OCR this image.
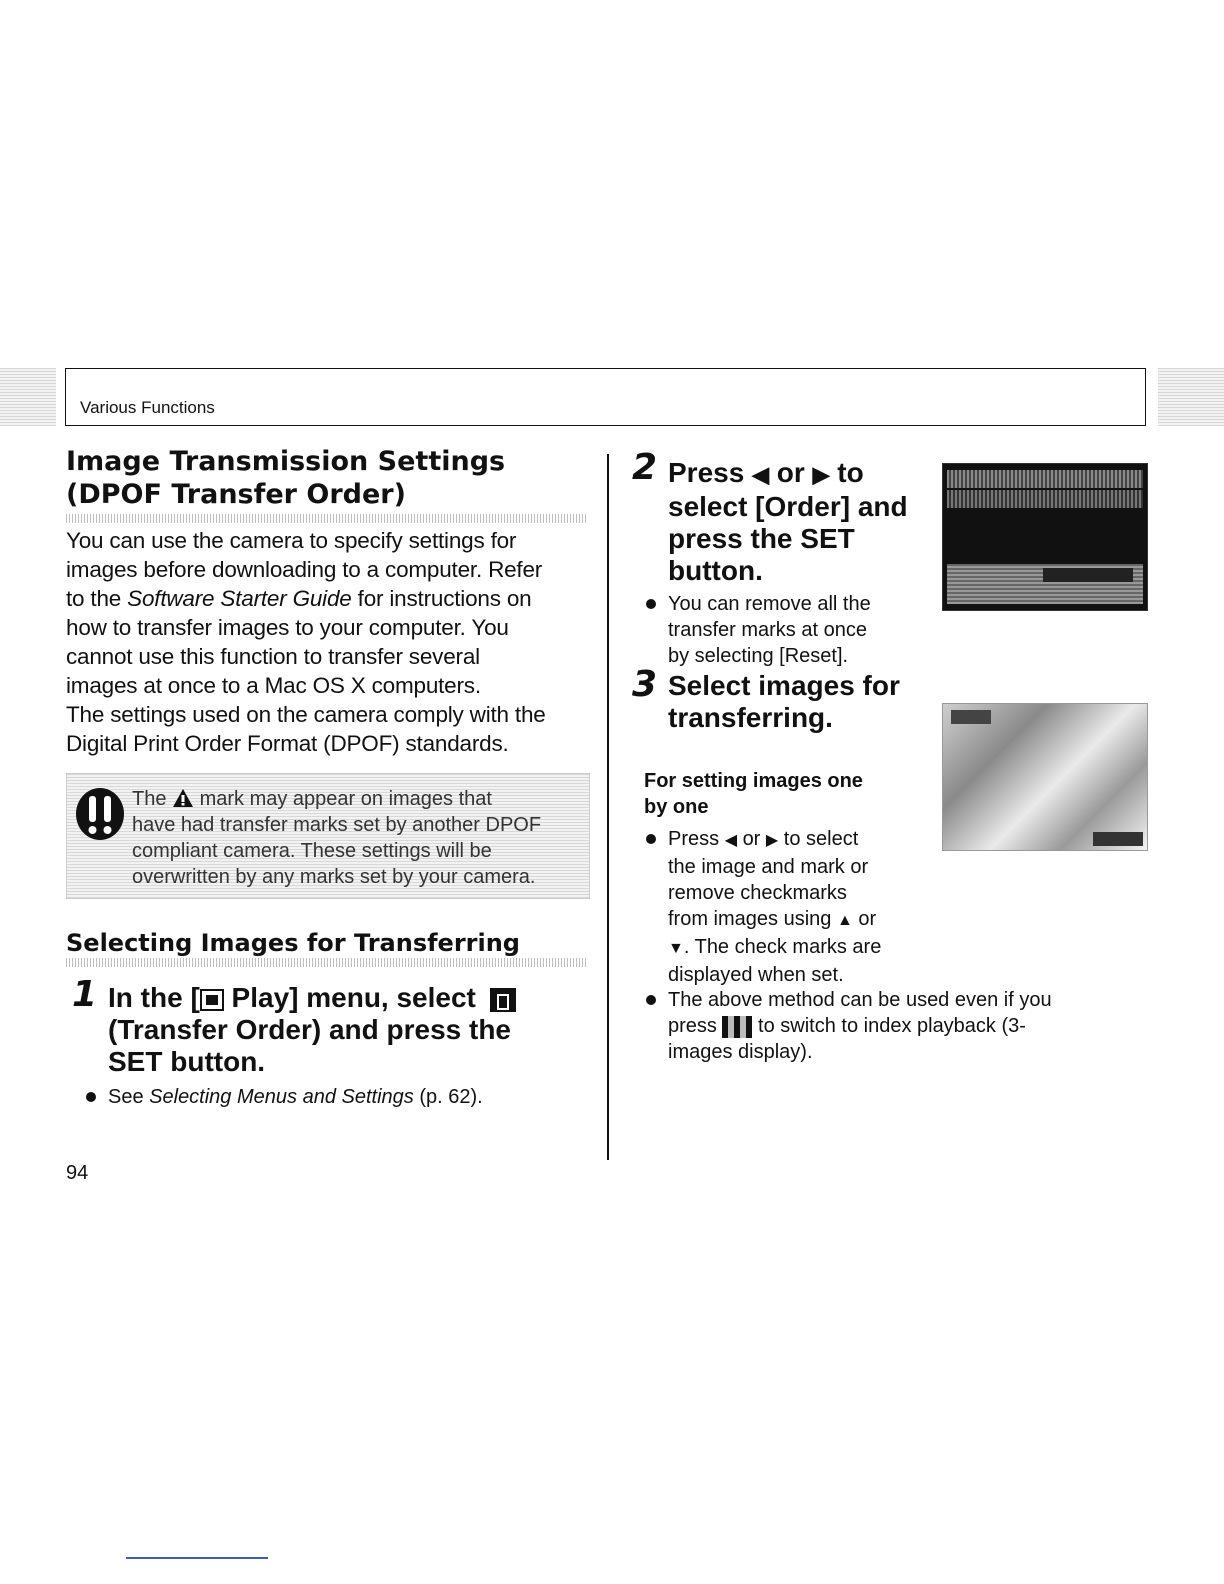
Various Functions
Image Transmission Settings
(DPOF Transfer Order)
You can use the camera to specify settings for
images before downloading to a computer. Refer
to the Software Starter Guide for instructions on
how to transfer images to your computer. You
cannot use this function to transfer several
images at once to a Mac OS X computers.
The settings used on the camera comply with the
Digital Print Order Format (DPOF) standards.
The mark may appear on images that
have had transfer marks set by another DPOF
compliant camera. These settings will be
overwritten by any marks set by your camera.
Selecting Images for Transferring
1 In the [
Play] menu, select
(Transfer Order) and press the
SET button.
See Selecting Menus and Settings (p. 62).
2 Press ◀ or ▶ to
select [Order] and
press the SET
button.
You can remove all the
transfer marks at once
by selecting [Reset].
3 Select images for
transferring.
For setting images one
by one
Press ◀ or ▶ to select
the image and mark or
remove checkmarks
from images using ▲ or
▼. The check marks are
displayed when set.
The above method can be used even if you
press to switch to index playback (3-
images display).
94
